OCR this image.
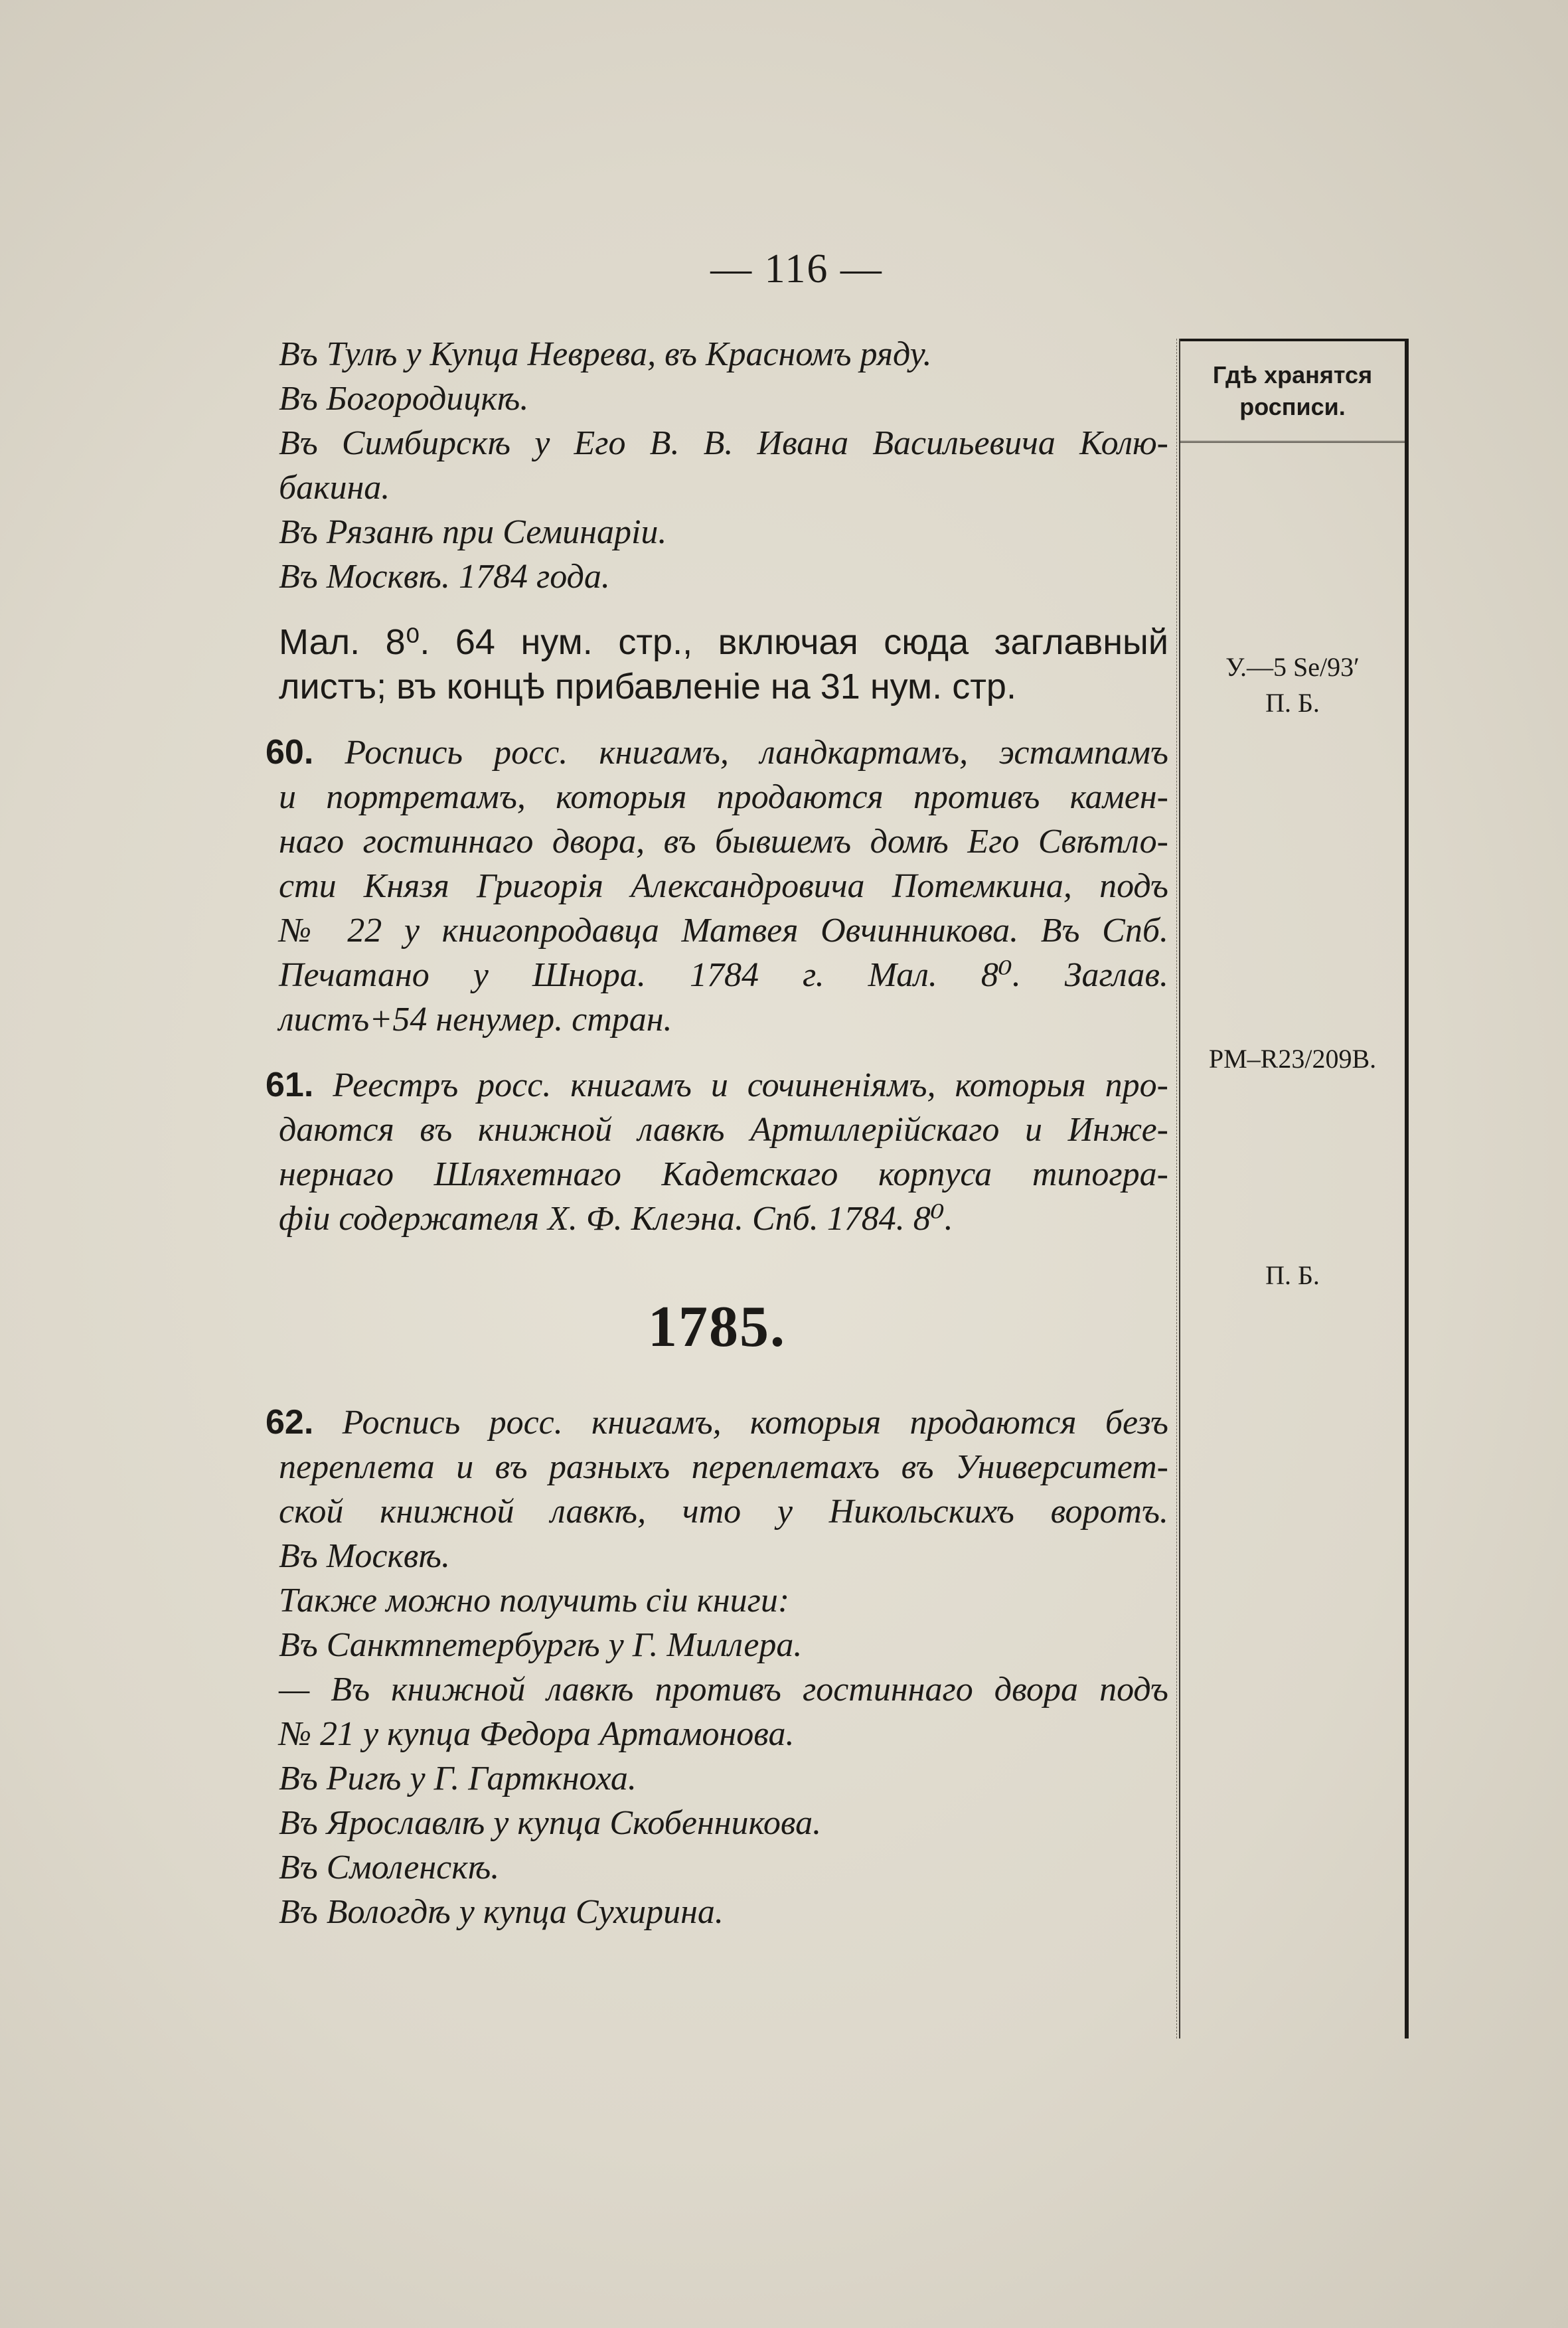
— 116 —
Въ Тулѣ у Купца Неврева, въ Красномъ ряду.
Въ Богородицкѣ.
Въ Симбирскѣ у Его В. В. Ивана Васильевича Колю-
бакина.
Въ Рязанѣ при Семинаріи.
Въ Москвѣ. 1784 года.
Мал. 8⁰. 64 нум. стр., включая сюда заглавный
листъ; въ концѣ прибавленіе на 31 нум. стр.
60. Роспись росс. книгамъ, ландкартамъ, эстампамъ
и портретамъ, которыя продаются противъ камен-
наго гостиннаго двора, въ бывшемъ домѣ Его Свѣтло-
сти Князя Григорія Александровича Потемкина, подъ
№ 22 у книгопродавца Матвея Овчинникова. Въ Спб.
Печатано у Шнора. 1784 г. Мал. 8⁰. Заглав.
листъ+54 ненумер. стран.
61. Реестръ росс. книгамъ и сочиненіямъ, которыя про-
даются въ книжной лавкѣ Артиллерійскаго и Инже-
нернаго Шляхетнаго Кадетскаго корпуса типогра-
фіи содержателя Х. Ф. Клеэна. Спб. 1784. 8⁰.
1785.
62. Роспись росс. книгамъ, которыя продаются безъ
переплета и въ разныхъ переплетахъ въ Университет-
ской книжной лавкѣ, что у Никольскихъ воротъ.
Въ Москвѣ.
Также можно получить сіи книги:
Въ Санктпетербургѣ у Г. Миллера.
— Въ книжной лавкѣ противъ гостиннаго двора подъ
№ 21 у купца Федора Артамонова.
Въ Ригѣ у Г. Гарткноха.
Въ Ярославлѣ у купца Скобенникова.
Въ Смоленскѣ.
Въ Вологдѣ у купца Сухирина.
Гдѣ хранятся
росписи.
У.—5 Se/93′
П. Б.
PM–R23/209В.
П. Б.
